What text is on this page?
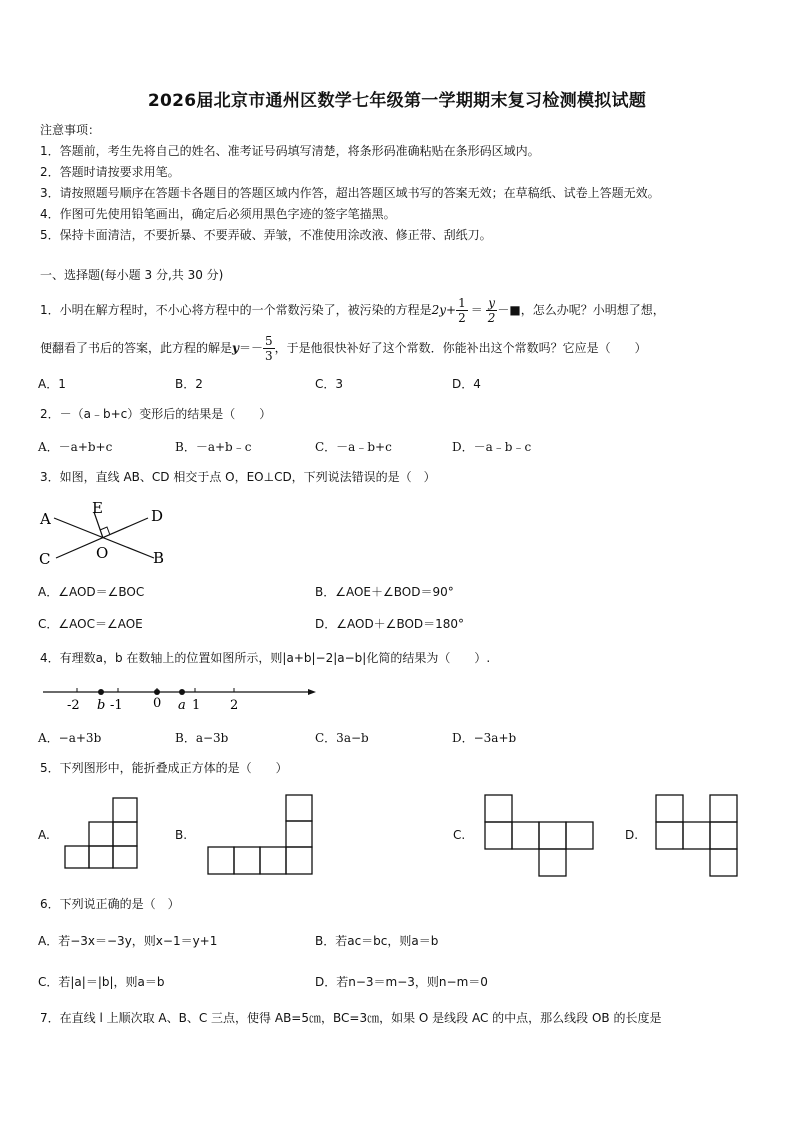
2026届北京市通州区数学七年级第一学期期末复习检测模拟试题
注意事项：
1．答题前，考生先将自己的姓名、准考证号码填写清楚，将条形码准确粘贴在条形码区域内。
2．答题时请按要求用笔。
3．请按照题号顺序在答题卡各题目的答题区域内作答，超出答题区域书写的答案无效；在草稿纸、试卷上答题无效。
4．作图可先使用铅笔画出，确定后必须用黑色字迹的签字笔描黑。
5．保持卡面清洁，不要折暴、不要弄破、弄皱，不准使用涂改液、修正带、刮纸刀。
一、选择题(每小题 3 分,共 30 分)
1．小明在解方程时，不小心将方程中的一个常数污染了，被污染的方程是 $2y+ \frac{1}{2} = \frac{y}{2}$ －■ ，怎么办呢？小明想了想，
便翻看了书后的答案，此方程的解是 $y =- \frac{5}{3}$ ，于是他很快补好了这个常数．你能补出这个常数吗？它应是（　　）
A．1	B．2	C．3	D．4
2．－（a﹣b+c）变形后的结果是（　　）
A．－a+b+c	B．－a+b﹣c	C．－a﹣b+c	D．－a﹣b﹣c
3．如图，直线 AB、CD 相交于点 O，EO⊥CD，下列说法错误的是（　）
A
E	D
C	O	B
A．∠AOD＝∠BOC	B．∠AOE＋∠BOD＝90°
C．∠AOC＝∠AOE	D．∠AOD＋∠BOD＝180°
4．有理数a，b 在数轴上的位置如图所示，则|a+b|−2|a−b|化简的结果为（　　）.
-2 b -1 0 a 1 2
A．−a+3b	B．a−3b	C．3a−b	D．−3a+b
5．下列图形中，能折叠成正方体的是（　　）
A.	B.	C.	D.
6．下列说正确的是（　）
A．若−3x＝−3y，则x−1＝y+1	B．若ac＝bc，则a＝b
C．若|a|＝|b|，则a＝b	D．若n−3＝m−3，则n−m＝0
7．在直线 l 上顺次取 A、B、C 三点，使得 AB=5㎝，BC=3㎝，如果 O 是线段 AC 的中点，那么线段 OB 的长度是
